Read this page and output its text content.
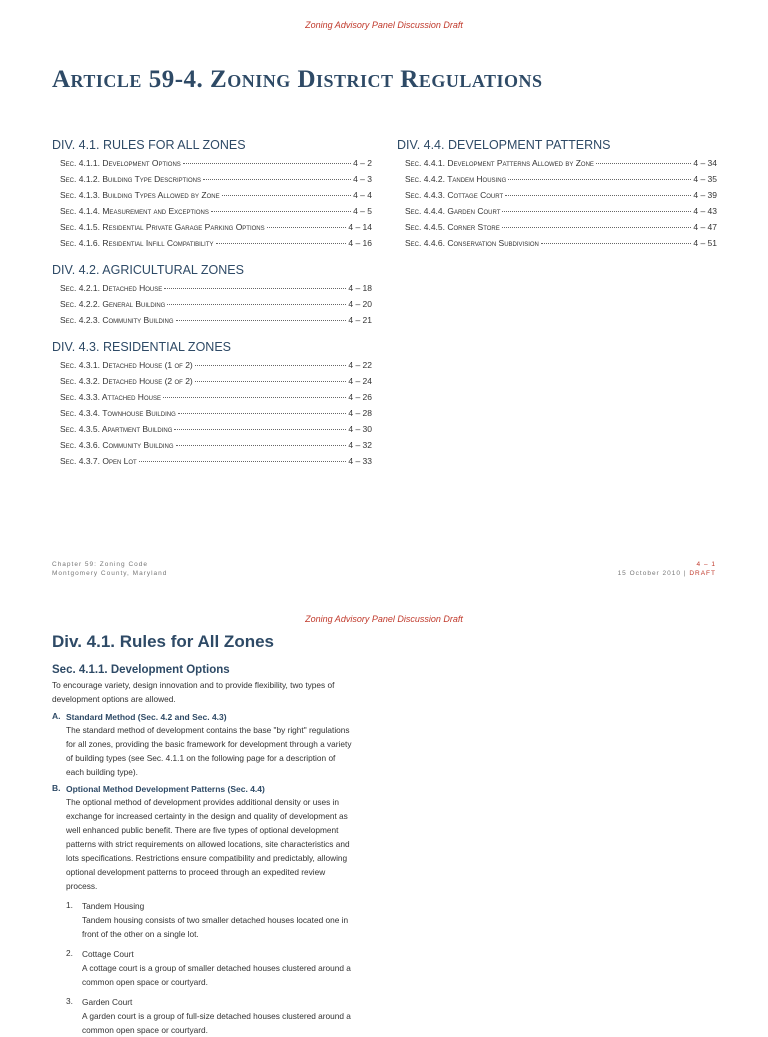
Zoning Advisory Panel Discussion Draft
Article 59-4. Zoning District Regulations
DIV. 4.1. RULES FOR ALL ZONES
Sec. 4.1.1. Development Options	4 – 2
Sec. 4.1.2. Building Type Descriptions	4 – 3
Sec. 4.1.3. Building Types Allowed by Zone	4 – 4
Sec. 4.1.4. Measurement and Exceptions	4 – 5
Sec. 4.1.5. Residential Private Garage Parking Options	4 – 14
Sec. 4.1.6. Residential Infill Compatibility	4 – 16
DIV. 4.2. AGRICULTURAL ZONES
Sec. 4.2.1. Detached House	4 – 18
Sec. 4.2.2. General Building	4 – 20
Sec. 4.2.3. Community Building	4 – 21
DIV. 4.3. RESIDENTIAL ZONES
Sec. 4.3.1. Detached House (1 of 2)	4 – 22
Sec. 4.3.2. Detached House (2 of 2)	4 – 24
Sec. 4.3.3. Attached House	4 – 26
Sec. 4.3.4. Townhouse Building	4 – 28
Sec. 4.3.5. Apartment Building	4 – 30
Sec. 4.3.6. Community Building	4 – 32
Sec. 4.3.7. Open Lot	4 – 33
DIV. 4.4. DEVELOPMENT PATTERNS
Sec. 4.4.1. Development Patterns Allowed by Zone	4 – 34
Sec. 4.4.2. Tandem Housing	4 – 35
Sec. 4.4.3. Cottage Court	4 – 39
Sec. 4.4.4. Garden Court	4 – 43
Sec. 4.4.5. Corner Store	4 – 47
Sec. 4.4.6. Conservation Subdivision	4 – 51
Chapter 59: Zoning Code
Montgomery County, Maryland
4 – 1
15 October 2010 | DRAFT
Zoning Advisory Panel Discussion Draft
Div. 4.1. Rules for All Zones
Sec. 4.1.1. Development Options

To encourage variety, design innovation and to provide flexibility, two types of development options are allowed.

A. Standard Method (Sec. 4.2 and Sec. 4.3)
The standard method of development contains the base "by right" regulations for all zones, providing the basic framework for development through a variety of building types (see Sec. 4.1.1 on the following page for a description of each building type).
B. Optional Method Development Patterns (Sec. 4.4)
The optional method of development provides additional density or uses in exchange for increased certainty in the design and quality of development as well enhanced public benefit. There are five types of optional development patterns with strict requirements on allowed locations, site characteristics and lots specifications. Restrictions ensure compatibility and predictably, allowing optional development patterns to proceed through an expedited review process.
1.	Tandem Housing
Tandem housing consists of two smaller detached houses located one in front of the other on a single lot.
2.	Cottage Court
A cottage court is a group of smaller detached houses clustered around a common open space or courtyard.
3.	Garden Court
A garden court is a group of full-size detached houses clustered around a common open space or courtyard.
